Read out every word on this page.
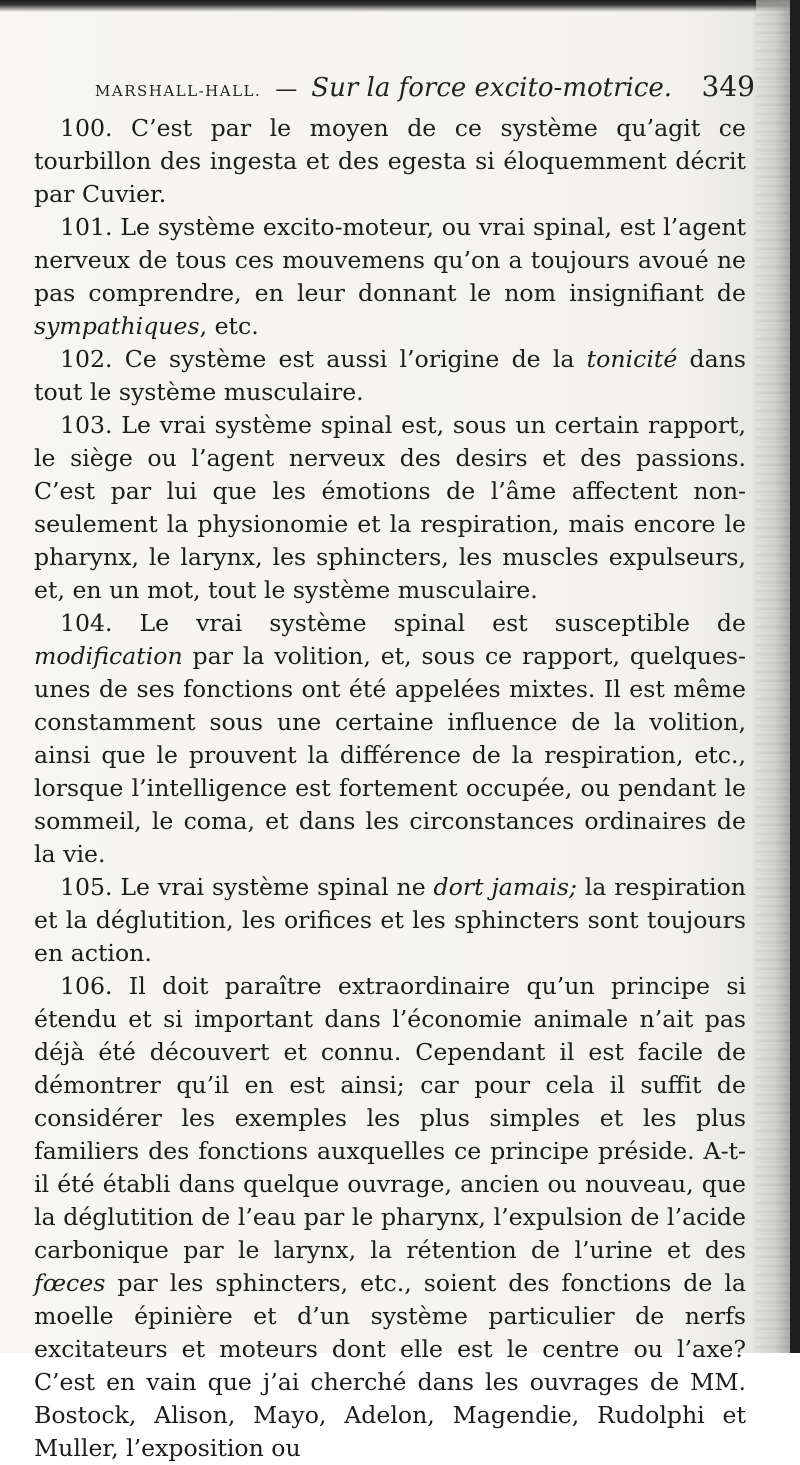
MARSHALL-HALL. — Sur la force excito-motrice. 349

100. C’est par le moyen de ce système qu’agit ce tourbillon des ingesta et des egesta si éloquemment décrit par Cuvier.

101. Le système excito-moteur, ou vrai spinal, est l’agent nerveux de tous ces mouvemens qu’on a toujours avoué ne pas comprendre, en leur donnant le nom insignifiant de sympathiques, etc.

102. Ce système est aussi l’origine de la tonicité dans tout le système musculaire.

103. Le vrai système spinal est, sous un certain rapport, le siège ou l’agent nerveux des desirs et des passions. C’est par lui que les émotions de l’âme affectent non-seulement la physionomie et la respiration, mais encore le pharynx, le larynx, les sphincters, les muscles expulseurs, et, en un mot, tout le système musculaire.

104. Le vrai système spinal est susceptible de modification par la volition, et, sous ce rapport, quelques-unes de ses fonctions ont été appelées mixtes. Il est même constamment sous une certaine influence de la volition, ainsi que le prouvent la différence de la respiration, etc., lorsque l’intelligence est fortement occupée, ou pendant le sommeil, le coma, et dans les circonstances ordinaires de la vie.

105. Le vrai système spinal ne dort jamais; la respiration et la déglutition, les orifices et les sphincters sont toujours en action.

106. Il doit paraître extraordinaire qu’un principe si étendu et si important dans l’économie animale n’ait pas déjà été découvert et connu. Cependant il est facile de démontrer qu’il en est ainsi; car pour cela il suffit de considérer les exemples les plus simples et les plus familiers des fonctions auxquelles ce principe préside. A-t-il été établi dans quelque ouvrage, ancien ou nouveau, que la déglutition de l’eau par le pharynx, l’expulsion de l’acide carbonique par le larynx, la rétention de l’urine et des fœces par les sphincters, etc., soient des fonctions de la moelle épinière et d’un système particulier de nerfs excitateurs et moteurs dont elle est le centre ou l’axe? C’est en vain que j’ai cherché dans les ouvrages de MM. Bostock, Alison, Mayo, Adelon, Magendie, Rudolphi et Muller, l’exposition ou
